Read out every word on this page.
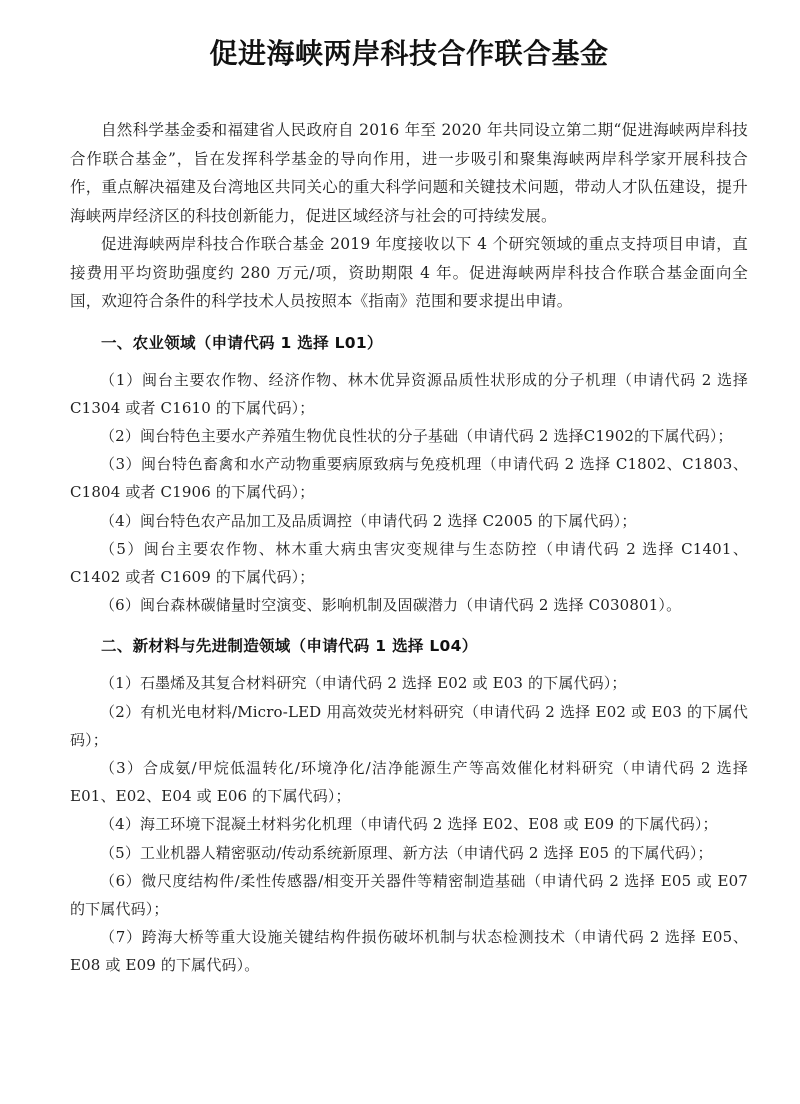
促进海峡两岸科技合作联合基金

自然科学基金委和福建省人民政府自 2016 年至 2020 年共同设立第二期“促进海峡两岸科技合作联合基金”，旨在发挥科学基金的导向作用，进一步吸引和聚集海峡两岸科学家开展科技合作，重点解决福建及台湾地区共同关心的重大科学问题和关键技术问题，带动人才队伍建设，提升海峡两岸经济区的科技创新能力，促进区域经济与社会的可持续发展。

促进海峡两岸科技合作联合基金 2019 年度接收以下 4 个研究领域的重点支持项目申请，直接费用平均资助强度约 280 万元/项，资助期限 4 年。促进海峡两岸科技合作联合基金面向全国，欢迎符合条件的科学技术人员按照本《指南》范围和要求提出申请。

一、农业领域（申请代码 1 选择 L01）

（1）闽台主要农作物、经济作物、林木优异资源品质性状形成的分子机理（申请代码 2 选择 C1304 或者 C1610 的下属代码）；

（2）闽台特色主要水产养殖生物优良性状的分子基础（申请代码 2 选择C1902的下属代码）；

（3）闽台特色畜禽和水产动物重要病原致病与免疫机理（申请代码 2 选择 C1802、C1803、C1804 或者 C1906 的下属代码）；

（4）闽台特色农产品加工及品质调控（申请代码 2 选择 C2005 的下属代码）；

（5）闽台主要农作物、林木重大病虫害灾变规律与生态防控（申请代码 2 选择 C1401、C1402 或者 C1609 的下属代码）；

（6）闽台森林碳储量时空演变、影响机制及固碳潜力（申请代码 2 选择 C030801）。

二、新材料与先进制造领域（申请代码 1 选择 L04）

（1）石墨烯及其复合材料研究（申请代码 2 选择 E02 或 E03 的下属代码）；

（2）有机光电材料/Micro-LED 用高效荧光材料研究（申请代码 2 选择 E02 或 E03 的下属代码）；

（3）合成氨/甲烷低温转化/环境净化/洁净能源生产等高效催化材料研究（申请代码 2 选择 E01、E02、E04 或 E06 的下属代码）；

（4）海工环境下混凝土材料劣化机理（申请代码 2 选择 E02、E08 或 E09 的下属代码）；

（5）工业机器人精密驱动/传动系统新原理、新方法（申请代码 2 选择 E05 的下属代码）；

（6）微尺度结构件/柔性传感器/相变开关器件等精密制造基础（申请代码 2 选择 E05 或 E07 的下属代码）；

（7）跨海大桥等重大设施关键结构件损伤破坏机制与状态检测技术（申请代码 2 选择 E05、E08 或 E09 的下属代码）。
